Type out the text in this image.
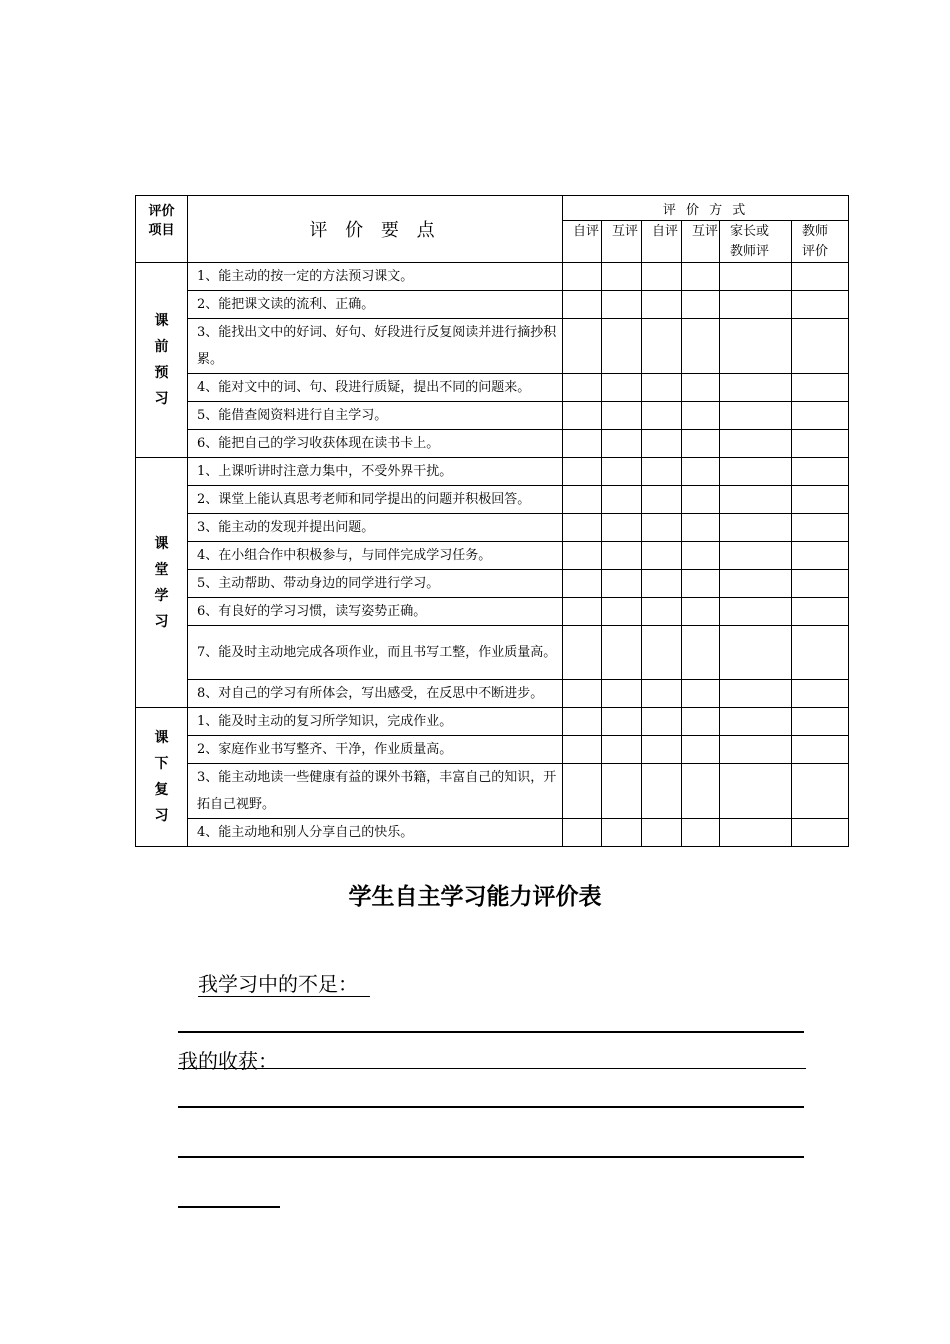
评价项目	评 价 要 点	评 价 方 式					
		自评	互评	自评	互评	家长或教师评	教师评价
课前预习	1、能主动的按一定的方法预习课文。						
	2、能把课文读的流利、正确。						
	3、能找出文中的好词、好句、好段进行反复阅读并进行摘抄积累。						
	4、能对文中的词、句、段进行质疑，提出不同的问题来。						
	5、能借查阅资料进行自主学习。						
	6、能把自己的学习收获体现在读书卡上。						
课堂学习	1、上课听讲时注意力集中，不受外界干扰。						
	2、课堂上能认真思考老师和同学提出的问题并积极回答。						
	3、能主动的发现并提出问题。						
	4、在小组合作中积极参与，与同伴完成学习任务。						
	5、主动帮助、带动身边的同学进行学习。						
	6、有良好的学习习惯，读写姿势正确。						
	7、能及时主动地完成各项作业，而且书写工整，作业质量高。						
	8、对自己的学习有所体会，写出感受，在反思中不断进步。						
课下复习	1、能及时主动的复习所学知识，完成作业。						
	2、家庭作业书写整齐、干净，作业质量高。						
	3、能主动地读一些健康有益的课外书籍，丰富自己的知识，开拓自己视野。						
	4、能主动地和别人分享自己的快乐。						
学生自主学习能力评价表
我学习中的不足：
我的收获：
